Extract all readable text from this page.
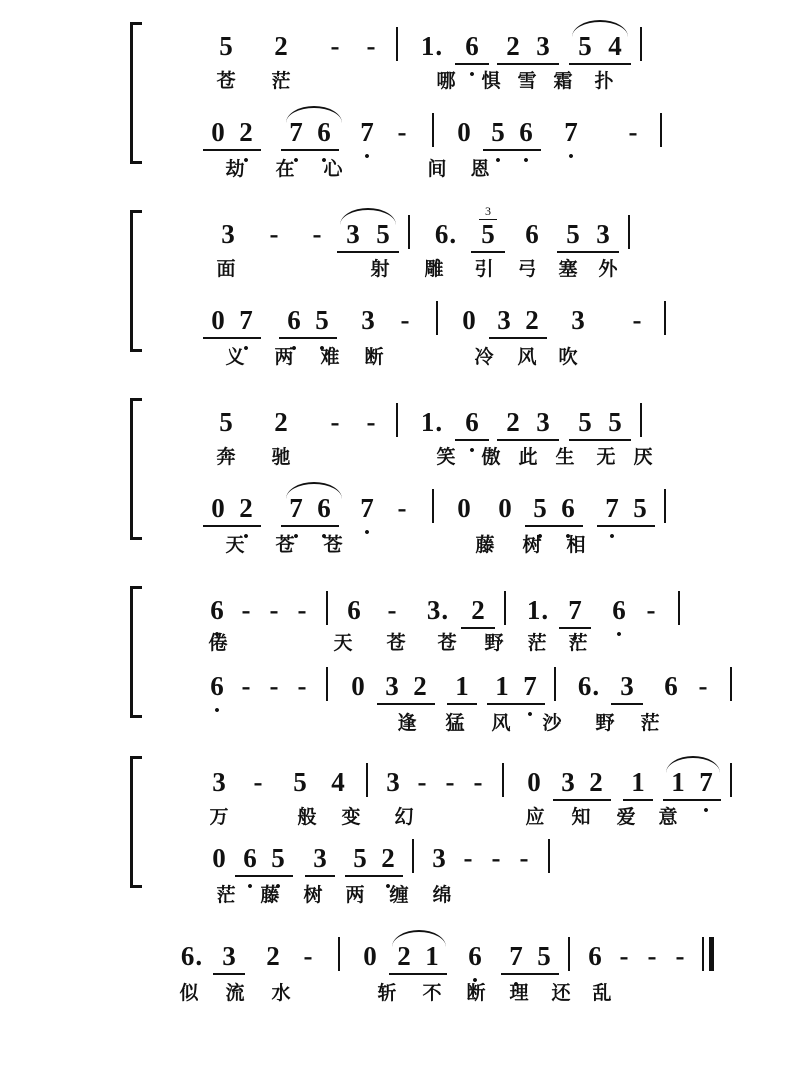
5	2	-	-	1. • 6	2 3	5 4
苍	茫	哪	惧 雪 霜	扑
0 • 2 • 7 • 6	• 7 -	0 • 5 • 6	• 7	-
劫	在	心	间	恩
3	-	- 3 5	6. 5
3
6	5 3
面	射	雕	引	弓	塞	外
0 • 7 • 6 • 5	3 -	0 3 2	3	-
义	两	难	断	冷	风	吹
5	2	-	-	1. • 6	2 3	5 5
奔	驰	笑	傲 此 生	无 厌
0 • 2 • 7 • 6	• 7 -	0	0 • 5 • 6 • 7 5
天	苍	苍	藤	树	相
• 6 - - -	6 -	3. 2	1. • 7	• 6 -
倦	天	苍	苍	野	茫	茫
• 6 - - -	0 3 2 1 1 • 7	6. 3	6 -
逢	猛	风	沙	野	茫
3	-	5 4	3 - - -	0 3 2 1 1 • 7
万	般	变	幻	应	知	爱	意
0 • 6 • 5 3 5 • 2	3 - - -
茫	藤	树	两	缠	绵
6. 3	2 -	0 2 1	• 6	• 7 5	6 - - -
似	流	水	斩	不	断	理	还	乱
